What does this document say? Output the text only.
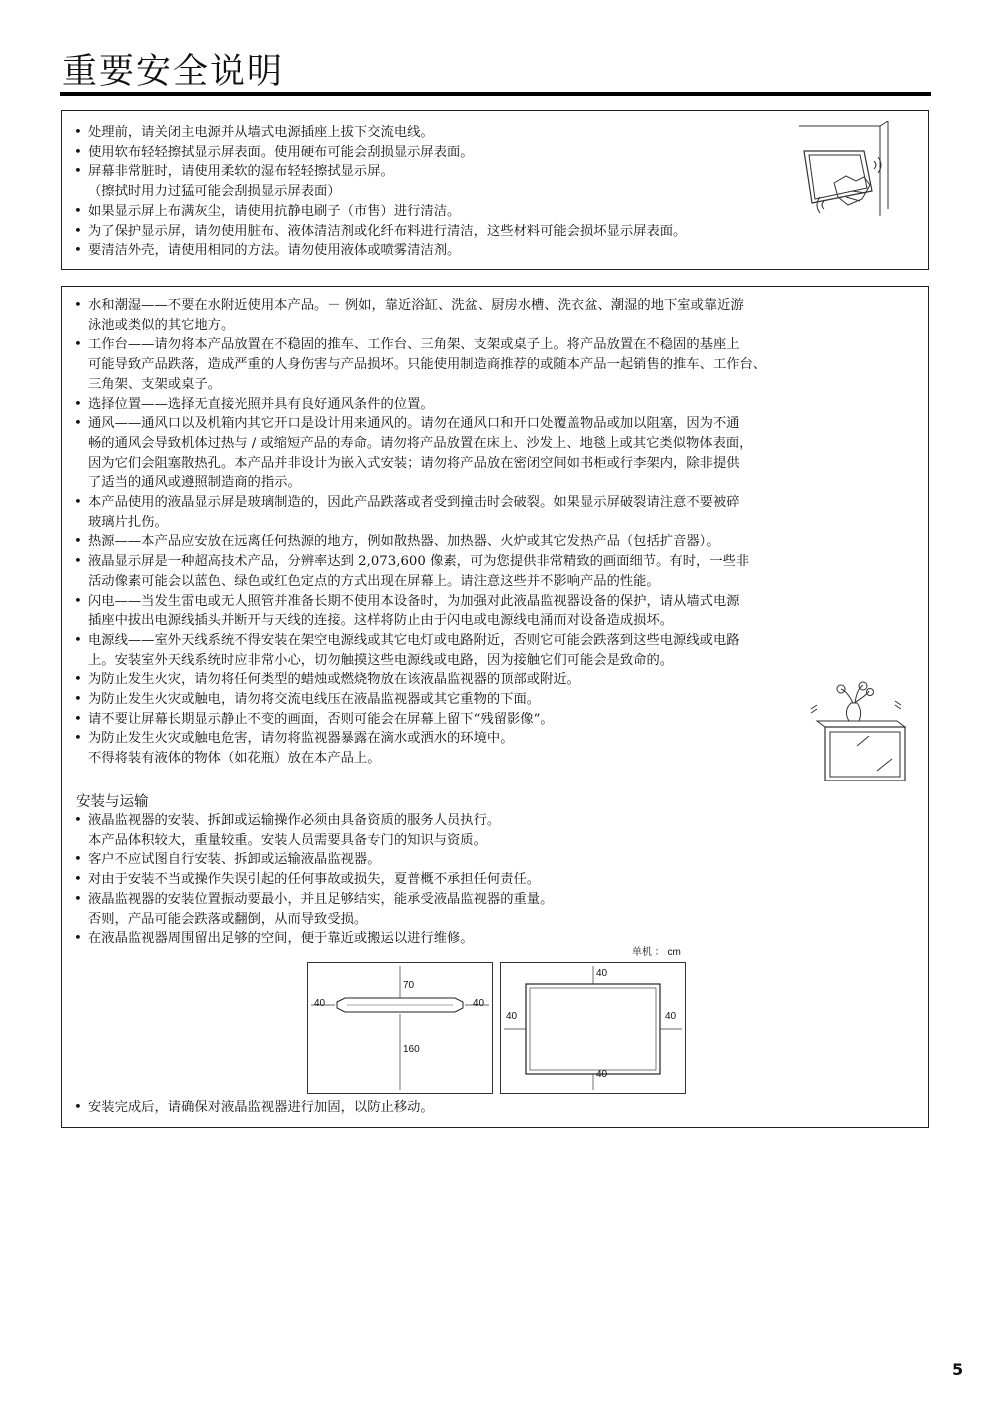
重要安全说明
• 处理前，请关闭主电源并从墙式电源插座上拔下交流电线。
• 使用软布轻轻擦拭显示屏表面。使用硬布可能会刮损显示屏表面。
• 屏幕非常脏时，请使用柔软的湿布轻轻擦拭显示屏。
（擦拭时用力过猛可能会刮损显示屏表面）
• 如果显示屏上布满灰尘，请使用抗静电刷子（市售）进行清洁。
• 为了保护显示屏，请勿使用脏布、液体清洁剂或化纤布料进行清洁，这些材料可能会损坏显示屏表面。
• 要清洁外壳，请使用相同的方法。请勿使用液体或喷雾清洁剂。
• 水和潮湿——不要在水附近使用本产品。－ 例如，靠近浴缸、洗盆、厨房水槽、洗衣盆、潮湿的地下室或靠近游
泳池或类似的其它地方。
• 工作台——请勿将本产品放置在不稳固的推车、工作台、三角架、支架或桌子上。将产品放置在不稳固的基座上
可能导致产品跌落，造成严重的人身伤害与产品损坏。只能使用制造商推荐的或随本产品一起销售的推车、工作台、
三角架、支架或桌子。
• 选择位置——选择无直接光照并具有良好通风条件的位置。
• 通风——通风口以及机箱内其它开口是设计用来通风的。请勿在通风口和开口处覆盖物品或加以阻塞，因为不通
畅的通风会导致机体过热与 / 或缩短产品的寿命。请勿将产品放置在床上、沙发上、地毯上或其它类似物体表面，
因为它们会阻塞散热孔。本产品并非设计为嵌入式安装；请勿将产品放在密闭空间如书柜或行李架内，除非提供
了适当的通风或遵照制造商的指示。
• 本产品使用的液晶显示屏是玻璃制造的，因此产品跌落或者受到撞击时会破裂。如果显示屏破裂请注意不要被碎
玻璃片扎伤。
• 热源——本产品应安放在远离任何热源的地方，例如散热器、加热器、火炉或其它发热产品（包括扩音器）。
• 液晶显示屏是一种超高技术产品，分辨率达到 2,073,600 像素，可为您提供非常精致的画面细节。有时，一些非
活动像素可能会以蓝色、绿色或红色定点的方式出现在屏幕上。请注意这些并不影响产品的性能。
• 闪电——当发生雷电或无人照管并准备长期不使用本设备时，为加强对此液晶监视器设备的保护，请从墙式电源
插座中拔出电源线插头并断开与天线的连接。这样将防止由于闪电或电源线电涌而对设备造成损坏。
• 电源线——室外天线系统不得安装在架空电源线或其它电灯或电路附近，否则它可能会跌落到这些电源线或电路
上。安装室外天线系统时应非常小心，切勿触摸这些电源线或电路，因为接触它们可能会是致命的。
• 为防止发生火灾，请勿将任何类型的蜡烛或燃烧物放在该液晶监视器的顶部或附近。
• 为防止发生火灾或触电，请勿将交流电线压在液晶监视器或其它重物的下面。
• 请不要让屏幕长期显示静止不变的画面，否则可能会在屏幕上留下“残留影像”。
• 为防止发生火灾或触电危害，请勿将监视器暴露在滴水或洒水的环境中。
不得将装有液体的物体（如花瓶）放在本产品上。
安装与运输
• 液晶监视器的安装、拆卸或运输操作必须由具备资质的服务人员执行。
本产品体积较大，重量较重。安装人员需要具备专门的知识与资质。
• 客户不应试图自行安装、拆卸或运输液晶监视器。
• 对由于安装不当或操作失误引起的任何事故或损失，夏普概不承担任何责任。
• 液晶监视器的安装位置振动要最小，并且足够结实，能承受液晶监视器的重量。
否则，产品可能会跌落或翻倒，从而导致受损。
• 在液晶监视器周围留出足够的空间，便于靠近或搬运以进行维修。
单机 ： cm
70
40	40
160
40
40	40
40
• 安装完成后，请确保对液晶监视器进行加固，以防止移动。
5
